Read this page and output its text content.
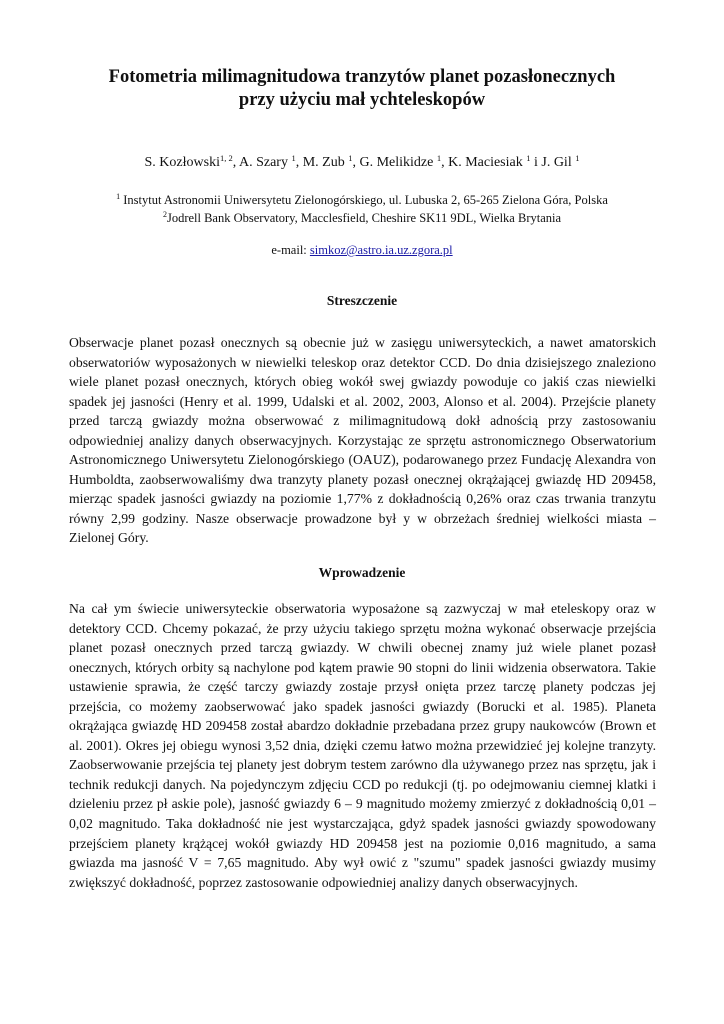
Fotometria milimagnitudowa tranzytów planet pozasłonecznych
przy użyciu mał ychteleskopów
S. Kozłowski$^{1, 2}$, A. Szary $^1$, M. Zub $^1$, G. Melikidze $^1$, K. Maciesiak $^1$ i J. Gil $^1$
$^1$ Instytut Astronomii Uniwersytetu Zielonogórskiego, ul. Lubuska 2, 65-265 Zielona Góra, Polska
$^2$Jodrell Bank Observatory, Macclesfield, Cheshire SK11 9DL, Wielka Brytania
e-mail: simkoz@astro.ia.uz.zgora.pl
Streszczenie

Obserwacje planet pozasł onecznych są obecnie już w zasięgu uniwersyteckich, a nawet amatorskich obserwatoriów wyposażonych w niewielki teleskop oraz detektor CCD. Do dnia dzisiejszego znaleziono wiele planet pozasł onecznych, których obieg wokół swej gwiazdy powoduje co jakiś czas niewielki spadek jej jasności (Henry et al. 1999, Udalski et al. 2002, 2003, Alonso et al. 2004). Przejście planety przed tarczą gwiazdy można obserwować z milimagnitudową dokł adnością przy zastosowaniu odpowiedniej analizy danych obserwacyjnych. Korzystając ze sprzętu astronomicznego Obserwatorium Astronomicznego Uniwersytetu Zielonogórskiego (OAUZ), podarowanego przez Fundację Alexandra von Humboldta, zaobserwowaliśmy dwa tranzyty planety pozasł onecznej okrążającej gwiazdę HD 209458, mierząc spadek jasności gwiazdy na poziomie 1,77% z dokładnością 0,26% oraz czas trwania tranzytu równy 2,99 godziny. Nasze obserwacje prowadzone był y w obrzeżach średniej wielkości miasta – Zielonej Góry.

Wprowadzenie

Na cał ym świecie uniwersyteckie obserwatoria wyposażone są zazwyczaj w mał eteleskopy oraz w detektory CCD. Chcemy pokazać, że przy użyciu takiego sprzętu można wykonać obserwacje przejścia planet pozasł onecznych przed tarczą gwiazdy. W chwili obecnej znamy już wiele planet pozasł onecznych, których orbity są nachylone pod kątem prawie 90 stopni do linii widzenia obserwatora. Takie ustawienie sprawia, że część tarczy gwiazdy zostaje przysł onięta przez tarczę planety podczas jej przejścia, co możemy zaobserwować jako spadek jasności gwiazdy (Borucki et al. 1985). Planeta okrążająca gwiazdę HD 209458 został abardzo dokładnie przebadana przez grupy naukowców (Brown et al. 2001). Okres jej obiegu wynosi 3,52 dnia, dzięki czemu łatwo można przewidzieć jej kolejne tranzyty. Zaobserwowanie przejścia tej planety jest dobrym testem zarówno dla używanego przez nas sprzętu, jak i technik redukcji danych. Na pojedynczym zdjęciu CCD po redukcji (tj. po odejmowaniu ciemnej klatki i dzieleniu przez pł askie pole), jasność gwiazdy 6 – 9 magnitudo możemy zmierzyć z dokładnością 0,01 – 0,02 magnitudo. Taka dokładność nie jest wystarczająca, gdyż spadek jasności gwiazdy spowodowany przejściem planety krążącej wokół gwiazdy HD 209458 jest na poziomie 0,016 magnitudo, a sama gwiazda ma jasność V = 7,65 magnitudo. Aby wył owić z "szumu" spadek jasności gwiazdy musimy zwiększyć dokładność, poprzez zastosowanie odpowiedniej analizy danych obserwacyjnych.
